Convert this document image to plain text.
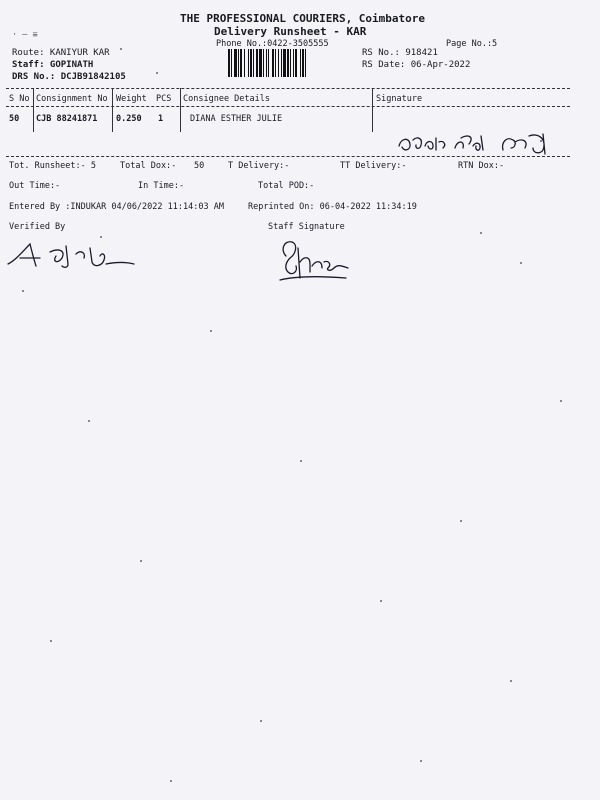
THE PROFESSIONAL COURIERS, Coimbatore
Delivery Runsheet - KAR
Phone No.:0422-3505555	Page No.:5
· – ≡
Route: KANIYUR KAR
Staff: GOPINATH
DRS No.: DCJB91842105
RS No.: 918421
RS Date: 06-Apr-2022
S No Consignment No Weight PCS Consignee Details	Signature
50 CJB 88241871 0.250 1	DIANA ESTHER JULIE
Tot. Runsheet:- 5	Total Dox:- 50	T Delivery:-	TT Delivery:-	RTN Dox:-
Out Time:-	In Time:-	Total POD:-
Entered By :INDUKAR 04/06/2022 11:14:03 AM	Reprinted On: 06-04-2022 11:34:19
Verified By	Staff Signature
